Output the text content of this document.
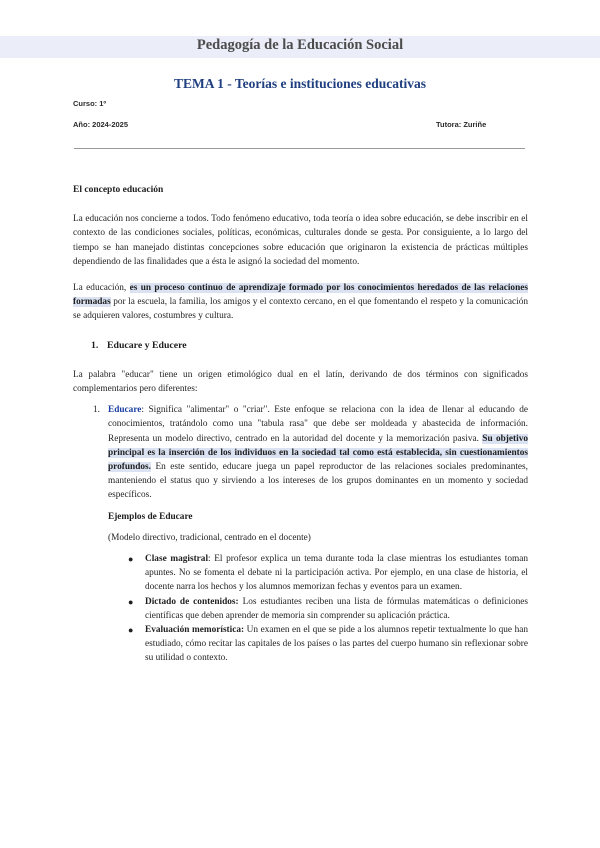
Pedagogía de la Educación Social
TEMA 1 - Teorías e instituciones educativas
Curso: 1º
Año: 2024-2025	Tutora: Zuriñe

El concepto educación

La educación nos concierne a todos. Todo fenómeno educativo, toda teoría o idea sobre educación, se debe inscribir en el contexto de las condiciones sociales, políticas, económicas, culturales donde se gesta. Por consiguiente, a lo largo del tiempo se han manejado distintas concepciones sobre educación que originaron la existencia de prácticas múltiples dependiendo de las finalidades que a ésta le asignó la sociedad del momento.

La educación, es un proceso continuo de aprendizaje formado por los conocimientos heredados de las relaciones formadas por la escuela, la familia, los amigos y el contexto cercano, en el que fomentando el respeto y la comunicación se adquieren valores, costumbres y cultura.

1. Educare y Educere

La palabra "educar" tiene un origen etimológico dual en el latín, derivando de dos términos con significados complementarios pero diferentes:

1. Educare: Significa "alimentar" o "criar". Este enfoque se relaciona con la idea de llenar al educando de conocimientos, tratándolo como una "tabula rasa" que debe ser moldeada y abastecida de información. Representa un modelo directivo, centrado en la autoridad del docente y la memorización pasiva. Su objetivo principal es la inserción de los individuos en la sociedad tal como está establecida, sin cuestionamientos profundos. En este sentido, educare juega un papel reproductor de las relaciones sociales predominantes, manteniendo el status quo y sirviendo a los intereses de los grupos dominantes en un momento y sociedad específicos.

Ejemplos de Educare

(Modelo directivo, tradicional, centrado en el docente)

● Clase magistral: El profesor explica un tema durante toda la clase mientras los estudiantes toman apuntes. No se fomenta el debate ni la participación activa. Por ejemplo, en una clase de historia, el docente narra los hechos y los alumnos memorizan fechas y eventos para un examen.

● Dictado de contenidos: Los estudiantes reciben una lista de fórmulas matemáticas o definiciones científicas que deben aprender de memoria sin comprender su aplicación práctica.

● Evaluación memorística: Un examen en el que se pide a los alumnos repetir textualmente lo que han estudiado, cómo recitar las capitales de los países o las partes del cuerpo humano sin reflexionar sobre su utilidad o contexto.
